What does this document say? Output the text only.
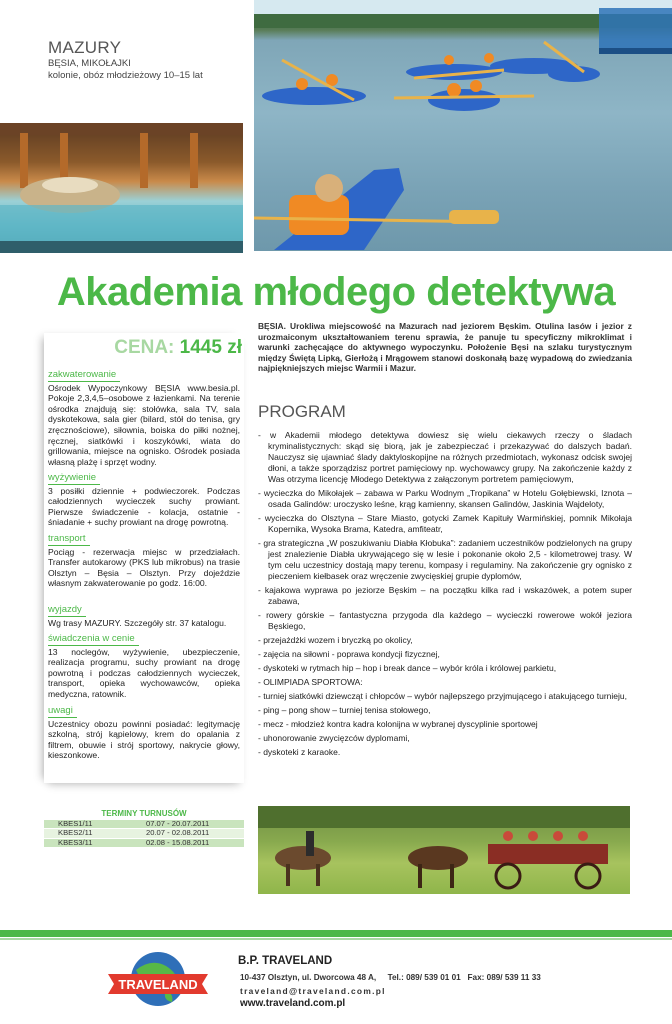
MAZURY
BĘSIA, MIKOŁAJKI
kolonie, obóz młodzieżowy 10–15 lat
Akademia młodego detektywa
CENA: 1445 zł
zakwaterowanie

Ośrodek Wypoczynkowy BĘSIA www.besia.pl. Pokoje 2,3,4,5–osobowe z łazienkami. Na terenie ośrodka znajdują się: stołówka, sala TV, sala dyskotekowa, sala gier (bilard, stół do tenisa, gry zręcznościowe), siłownia, boiska do piłki nożnej, ręcznej, siatkówki i koszykówki, wiata do grillowania, miejsce na ognisko. Ośrodek posiada własną plażę i sprzęt wodny.

wyżywienie

3 posiłki dziennie + podwieczorek. Podczas całodziennych wycieczek suchy prowiant. Pierwsze świadczenie - kolacja, ostatnie - śniadanie + suchy prowiant na drogę powrotną.

transport

Pociąg - rezerwacja miejsc w przedziałach. Transfer autokarowy (PKS lub mikrobus) na trasie Olsztyn – Bęsia – Olsztyn. Przy dojeździe własnym zakwaterowanie po godz. 16:00.

wyjazdy

Wg trasy MAZURY. Szczegóły str. 37 katalogu.

świadczenia w cenie

13 noclegów, wyżywienie, ubezpieczenie, realizacja programu, suchy prowiant na drogę powrotną i podczas całodziennych wycieczek, transport, opieka wychowawców, opieka medyczna, ratownik.

uwagi

Uczestnicy obozu powinni posiadać: legitymację szkolną, strój kąpielowy, krem do opalania z filtrem, obuwie i strój sportowy, nakrycie głowy, kieszonkowe.

TERMINY TURNUSÓW
KBES1/11	07.07 - 20.07.2011
KBES2/11	20.07 - 02.08.2011
KBES3/11	02.08 - 15.08.2011
BĘSIA. Urokliwa miejscowość na Mazurach nad jeziorem Bęskim. Otulina lasów i jezior z urozmaiconym ukształtowaniem terenu sprawia, że panuje tu specyficzny mikroklimat i warunki zachęcające do aktywnego wypoczynku. Położenie Bęsi na szlaku turystycznym między Świętą Lipką, Gierłożą i Mrągowem stanowi doskonałą bazę wypadową do zwiedzania najpiękniejszych miejsc Warmii i Mazur.
PROGRAM

- w Akademii młodego detektywa dowiesz się wielu ciekawych rzeczy o śladach kryminalistycznych: skąd się biorą, jak je zabezpieczać i przekazywać do dalszych badań. Nauczysz się ujawniać ślady daktyloskopijne na różnych przedmiotach, wykonasz odcisk swojej dłoni, a także sporządzisz portret pamięciowy np. wychowawcy grupy. Na zakończenie każdy z Was otrzyma licencję Młodego Detektywa z załączonym portretem pamięciowym,

- wycieczka do Mikołajek – zabawa w Parku Wodnym „Tropikana” w Hotelu Gołębiewski, Iznota – osada Galindów: uroczysko leśne, krąg kamienny, skansen Galindów, Jaskinia Wajdeloty,

- wycieczka do Olsztyna – Stare Miasto, gotycki Zamek Kapituły Warmińskiej, pomnik Mikołaja Kopernika, Wysoka Brama, Katedra, amfiteatr,

- gra strategiczna „W poszukiwaniu Diabła Kłobuka”: zadaniem uczestników podzielonych na grupy jest znalezienie Diabła ukrywającego się w lesie i pokonanie około 2,5 - kilometrowej trasy. W tym celu uczestnicy dostają mapy terenu, kompasy i regulaminy. Na zakończenie gry ognisko z pieczeniem kiełbasek oraz wręczenie zwycięskiej grupie dyplomów,

- kajakowa wyprawa po jeziorze Bęskim – na początku kilka rad i wskazówek, a potem super zabawa,

- rowery górskie – fantastyczna przygoda dla każdego – wycieczki rowerowe wokół jeziora Bęskiego,

- przejażdżki wozem i bryczką po okolicy,

- zajęcia na siłowni - poprawa kondycji fizycznej,

- dyskoteki w rytmach hip – hop i break dance – wybór króla i królowej parkietu,

- OLIMPIADA SPORTOWA:

- turniej siatkówki dziewcząt i chłopców – wybór najlepszego przyjmującego i atakującego turnieju,

- ping – pong show – turniej tenisa stołowego,

- mecz - młodzież kontra kadra kolonijna w wybranej dyscyplinie sportowej

- uhonorowanie zwycięzców dyplomami,

- dyskoteki z karaoke.

TRAVELAND
B.P. TRAVELAND
10-437 Olsztyn, ul. Dworcowa 48 A,     Tel.: 089/ 539 01 01   Fax: 089/ 539 11 33
traveland@traveland.com.pl
www.traveland.com.pl
